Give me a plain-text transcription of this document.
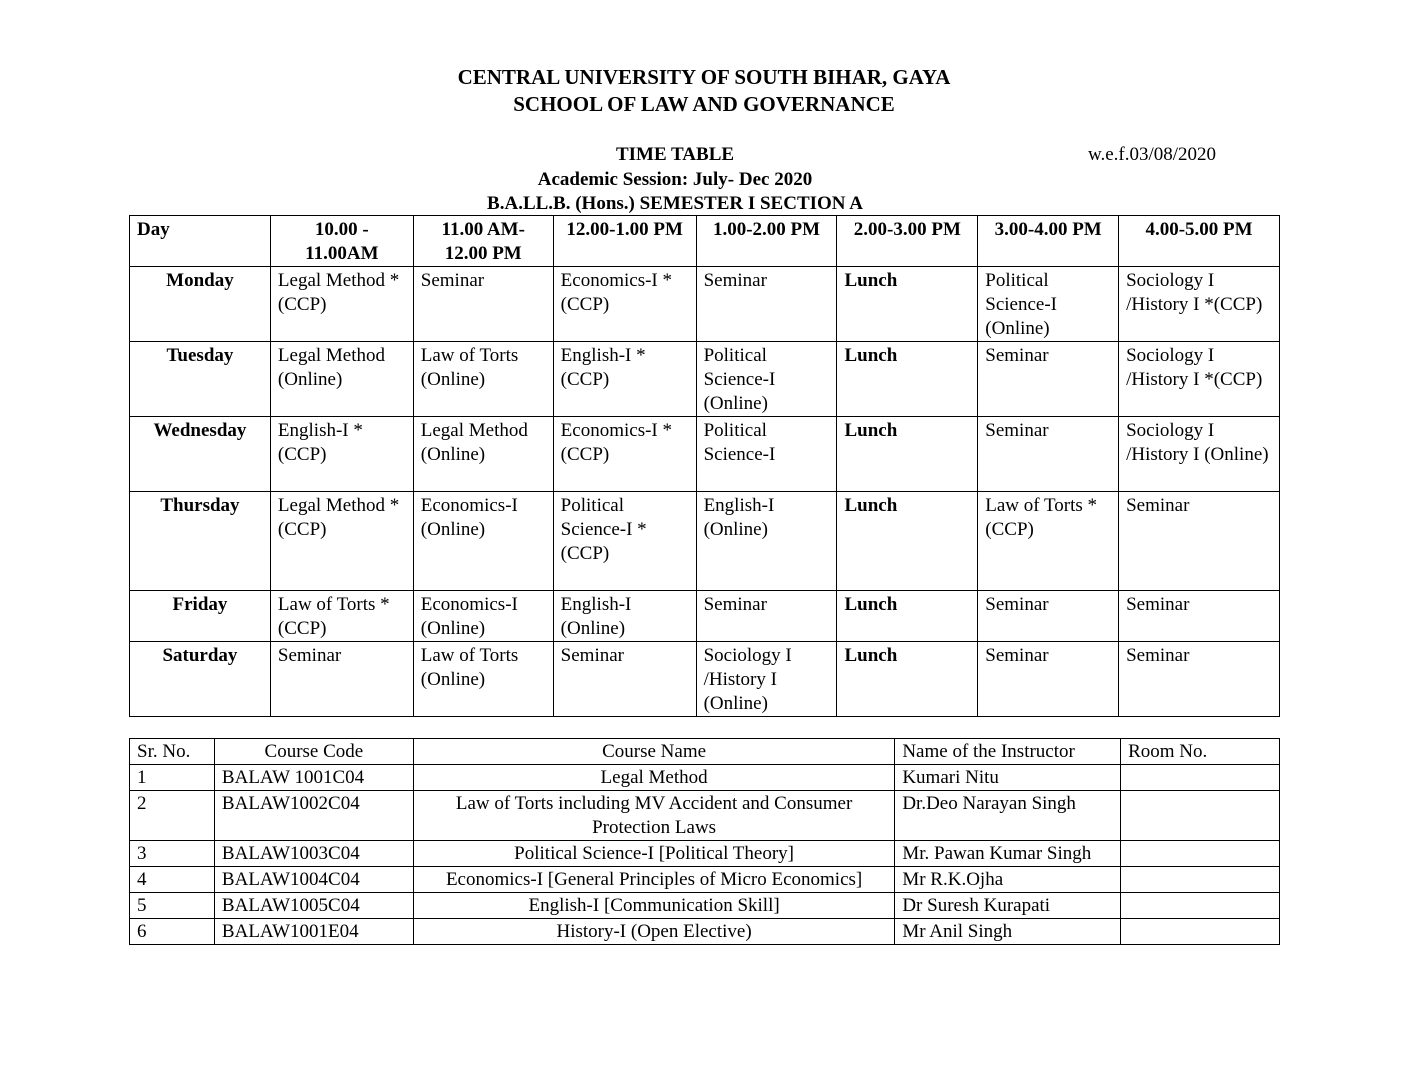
CENTRAL UNIVERSITY OF SOUTH BIHAR, GAYA
SCHOOL OF LAW AND GOVERNANCE
TIME TABLE
Academic Session: July- Dec 2020
B.A.LL.B. (Hons.) SEMESTER I SECTION A
w.e.f.03/08/2020
Day	10.00 - 11.00AM	11.00 AM- 12.00 PM	12.00-1.00 PM	1.00-2.00 PM	2.00-3.00 PM	3.00-4.00 PM	4.00-5.00 PM
Monday	Legal Method *(CCP)	Seminar	Economics-I *(CCP)	Seminar	Lunch	Political Science-I (Online)	Sociology I /History I *(CCP)
Tuesday	Legal Method (Online)	Law of Torts (Online)	English-I *(CCP)	Political Science-I (Online)	Lunch	Seminar	Sociology I /History I *(CCP)
Wednesday	English-I *(CCP)	Legal Method (Online)	Economics-I *(CCP)	Political Science-I	Lunch	Seminar	Sociology I /History I (Online)
Thursday	Legal Method *(CCP)	Economics-I (Online)	Political Science-I *(CCP)	English-I (Online)	Lunch	Law of Torts *(CCP)	Seminar
Friday	Law of Torts *(CCP)	Economics-I (Online)	English-I (Online)	Seminar	Lunch	Seminar	Seminar
Saturday	Seminar	Law of Torts (Online)	Seminar	Sociology I /History I (Online)	Lunch	Seminar	Seminar
Sr. No.	Course Code	Course Name	Name of the Instructor	Room No.
1	BALAW 1001C04	Legal Method	Kumari Nitu	
2	BALAW1002C04	Law of Torts including MV Accident and Consumer Protection Laws	Dr.Deo Narayan Singh	
3	BALAW1003C04	Political Science-I [Political Theory]	Mr. Pawan Kumar Singh	
4	BALAW1004C04	Economics-I [General Principles of Micro Economics]	Mr R.K.Ojha	
5	BALAW1005C04	English-I [Communication Skill]	Dr Suresh Kurapati	
6	BALAW1001E04	History-I (Open Elective)	Mr Anil Singh	
